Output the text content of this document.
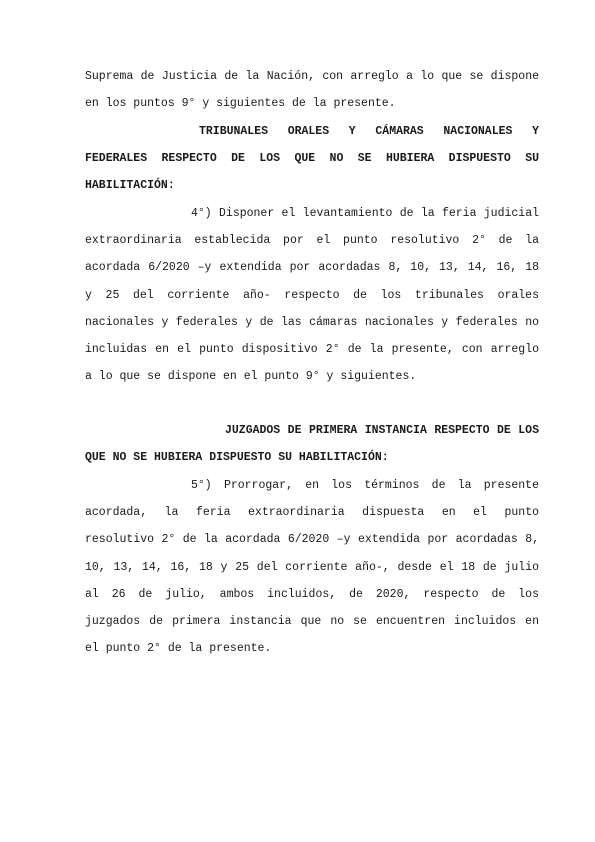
Suprema de Justicia de la Nación, con arreglo a lo que se dispone en los puntos 9° y siguientes de la presente.

TRIBUNALES ORALES Y CÁMARAS NACIONALES Y FEDERALES RESPECTO DE LOS QUE NO SE HUBIERA DISPUESTO SU HABILITACIÓN:

4°) Disponer el levantamiento de la feria judicial extraordinaria establecida por el punto resolutivo 2° de la acordada 6/2020 –y extendida por acordadas 8, 10, 13, 14, 16, 18 y 25 del corriente año- respecto de los tribunales orales nacionales y federales y de las cámaras nacionales y federales no incluidas en el punto dispositivo 2° de la presente, con arreglo a lo que se dispone en el punto 9° y siguientes.

JUZGADOS DE PRIMERA INSTANCIA RESPECTO DE LOS QUE NO SE HUBIERA DISPUESTO SU HABILITACIÓN:

5°) Prorrogar, en los términos de la presente acordada, la feria extraordinaria dispuesta en el punto resolutivo 2° de la acordada 6/2020 –y extendida por acordadas 8, 10, 13, 14, 16, 18 y 25 del corriente año-, desde el 18 de julio al 26 de julio, ambos incluidos, de 2020, respecto de los juzgados de primera instancia que no se encuentren incluidos en el punto 2° de la presente.
